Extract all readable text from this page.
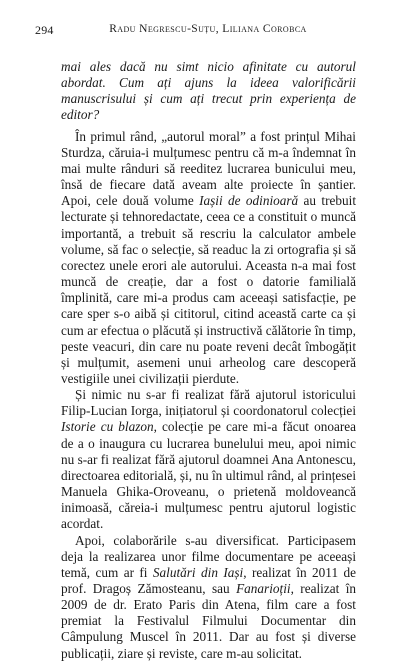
294	Radu Negrescu-Suțu, Liliana Corobca

mai ales dacă nu simt nicio afinitate cu autorul abordat. Cum ați ajuns la ideea valorificării manuscrisului și cum ați trecut prin experiența de editor?

În primul rând, „autorul moral” a fost prințul Mihai Sturdza, căruia-i mulțumesc pentru că m-a îndemnat în mai multe rânduri să reeditez lucrarea bunicului meu, însă de fiecare dată aveam alte proiecte în șantier. Apoi, cele două volume Iașii de odinioară au trebuit lecturate și tehnoredactate, ceea ce a constituit o muncă importantă, a trebuit să rescriu la calculator ambele volume, să fac o selecție, să readuc la zi ortografia și să corectez unele erori ale autorului. Aceasta n-a mai fost muncă de creație, dar a fost o datorie familială împlinită, care mi-a produs cam aceeași satisfacție, pe care sper s-o aibă și cititorul, citind această carte ca și cum ar efectua o plăcută și instructivă călătorie în timp, peste veacuri, din care nu poate reveni decât îmbogățit și mulțumit, asemeni unui arheolog care descoperă vestigiile unei civilizații pierdute.

Și nimic nu s-ar fi realizat fără ajutorul istoricului Filip-Lucian Iorga, inițiatorul și coordonatorul colecției Istorie cu blazon, colecție pe care mi-a făcut onoarea de a o inaugura cu lucrarea bunelului meu, apoi nimic nu s-ar fi realizat fără ajutorul doamnei Ana Antonescu, directoarea editorială, și, nu în ultimul rând, al prințesei Manuela Ghika-Oroveanu, o prietenă moldoveancă inimoasă, căreia-i mulțumesc pentru ajutorul logistic acordat.

Apoi, colaborările s-au diversificat. Participasem deja la realizarea unor filme documentare pe aceeași temă, cum ar fi Salutări din Iași, realizat în 2011 de prof. Dragoș Zămosteanu, sau Fanarioții, realizat în 2009 de dr. Erato Paris din Atena, film care a fost premiat la Festivalul Filmului Documentar din Câmpulung Muscel în 2011. Dar au fost și diverse publicații, ziare și reviste, care m-au solicitat.
